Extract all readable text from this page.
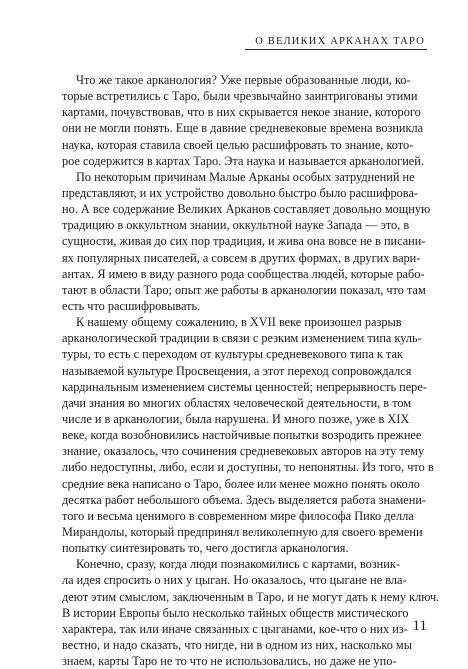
О ВЕЛИКИХ АРКАНАХ ТАРО
Что же такое арканология? Уже первые образованные люди, ко-
торые встретились с Таро, были чрезвычайно заинтригованы этими
картами, почувствовав, что в них скрывается некое знание, которого
они не могли понять. Еще в давние средневековые времена возникла
наука, которая ставила своей целью расшифровать то знание, кото-
рое содержится в картах Таро. Эта наука и называется арканологией.
По некоторым причинам Малые Арканы особых затруднений не
представляют, и их устройство довольно быстро было расшифрова-
но. А все содержание Великих Арканов составляет довольно мощную
традицию в оккультном знании, оккультной науке Запада — это, в
сущности, живая до сих пор традиция, и жива она вовсе не в писани-
ях популярных писателей, а совсем в других формах, в других вари-
антах. Я имею в виду разного рода сообщества людей, которые рабо-
тают в области Таро; опыт же работы в арканологии показал, что там
есть что расшифровывать.
К нашему общему сожалению, в XVII веке произошел разрыв
арканологической традиции в связи с резким изменением типа куль-
туры, то есть с переходом от культуры средневекового типа к так
называемой культуре Просвещения, а этот переход сопровождался
кардинальным изменением системы ценностей; непрерывность пере-
дачи знания во многих областях человеческой деятельности, в том
числе и в арканологии, была нарушена. И много позже, уже в XIX
веке, когда возобновились настойчивые попытки возродить прежнее
знание, оказалось, что сочинения средневековых авторов на эту тему
либо недоступны, либо, если и доступны, то непонятны. Из того, что в
средние века написано о Таро, более или менее можно понять около
десятка работ небольшого объема. Здесь выделяется работа знамени-
того и весьма ценимого в современном мире философа Пико делла
Мирандолы, который предпринял великолепную для своего времени
попытку синтезировать то, чего достигла арканология.
Конечно, сразу, когда люди познакомились с картами, возник-
ла идея спросить о них у цыган. Но оказалось, что цыгане не вла-
деют этим смыслом, заключенным в Таро, и не могут дать к нему ключ.
В истории Европы было несколько тайных обществ мистического
характера, так или иначе связанных с цыганами, кое-что о них из-
вестно, и надо сказать, что нигде, ни в одном из них, насколько мы
знаем, карты Таро не то что не использовались, но даже не упо-
11
